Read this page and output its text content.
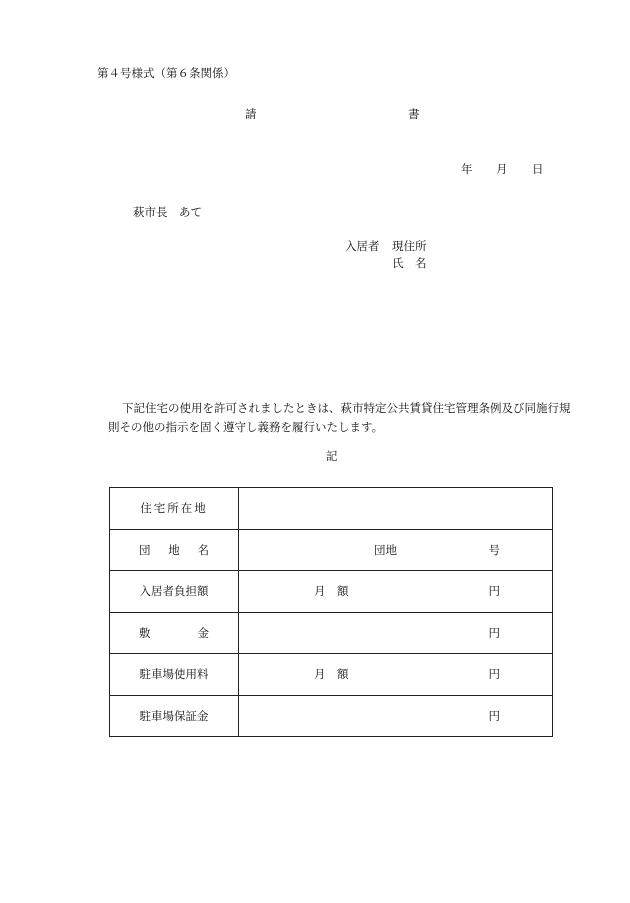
第４号様式（第６条関係）
請	書
年 月 日
萩市長　あて
入居者 現住所
氏　名
下記住宅の使用を許可されましたときは、萩市特定公共賃貸住宅管理条例及び同施行規則その他の指示を固く遵守し義務を履行いたします。
記
住宅所在地	

団 地 名	団地 号

入居者負担額	月　額 円

敷 金	円

駐車場使用料	月　額 円

駐車場保証金	円
